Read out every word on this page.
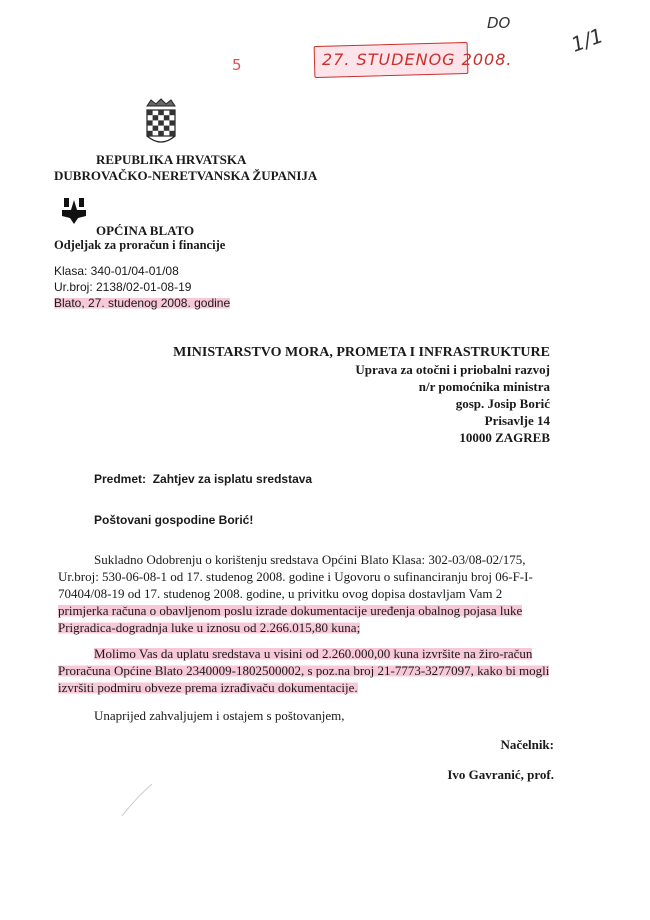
DO
1/1
5	27. STUDENOG 2008.
REPUBLIKA HRVATSKA
DUBROVAČKO-NERETVANSKA ŽUPANIJA
OPĆINA BLATO
Odjeljak za proračun i financije
Klasa: 340-01/04-01/08
Ur.broj: 2138/02-01-08-19
Blato, 27. studenog 2008. godine
MINISTARSTVO MORA, PROMETA I INFRASTRUKTURE
Uprava za otočni i priobalni razvoj
n/r pomoćnika ministra
gosp. Josip Borić
Prisavlje 14
10000 ZAGREB
Predmet: Zahtjev za isplatu sredstava
Poštovani gospodine Borić!
Sukladno Odobrenju o korištenju sredstava Općini Blato Klasa: 302-03/08-02/175,
Ur.broj: 530-06-08-1 od 17. studenog 2008. godine i Ugovoru o sufinanciranju broj 06-F-I-
70404/08-19 od 17. studenog 2008. godine, u privitku ovog dopisa dostavljam Vam 2
primjerka računa o obavljenom poslu izrade dokumentacije uređenja obalnog pojasa luke
Prigradica-dogradnja luke u iznosu od 2.266.015,80 kuna;
Molimo Vas da uplatu sredstava u visini od 2.260.000,00 kuna izvršite na žiro-račun
Proračuna Općine Blato 2340009-1802500002, s poz.na broj 21-7773-3277097, kako bi mogli
izvršiti podmiru obveze prema izrađivaču dokumentacije.
Unaprijed zahvaljujem i ostajem s poštovanjem,
Načelnik:
Ivo Gavranić, prof.
